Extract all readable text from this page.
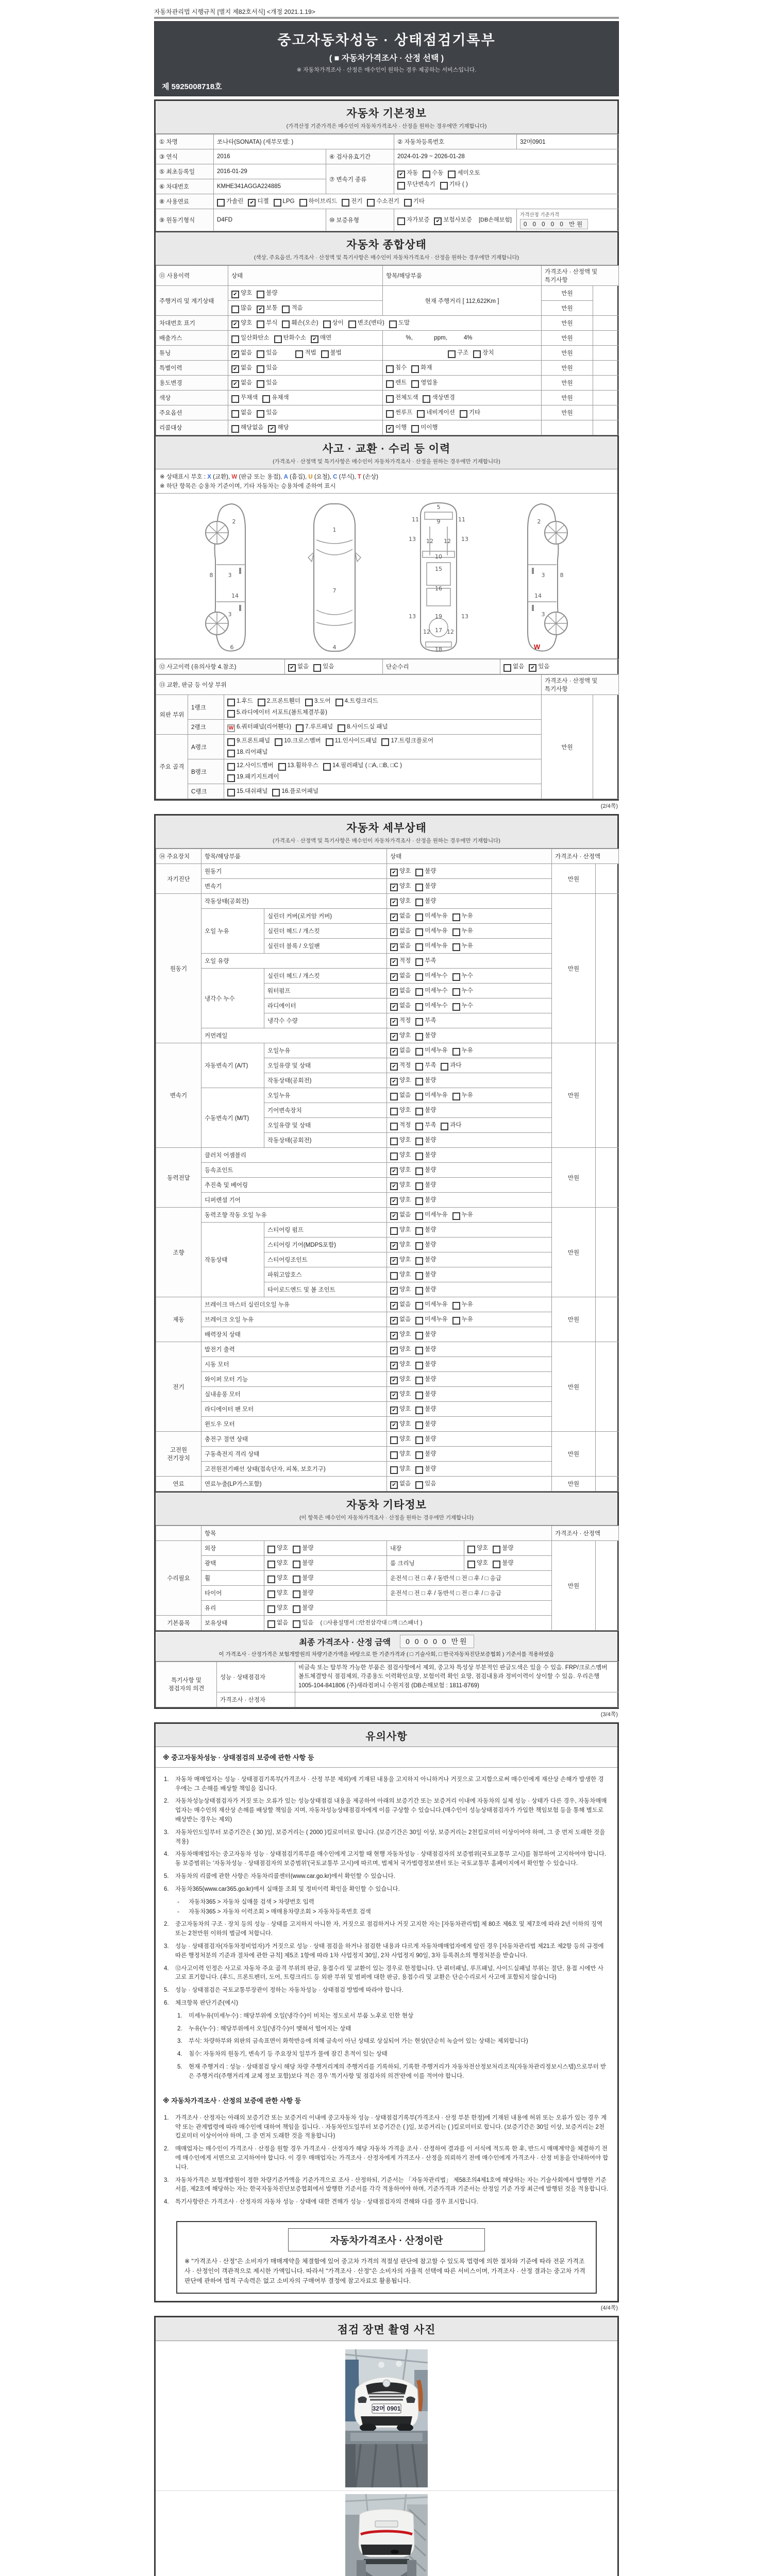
자동차관리법 시행규칙 [별지 제82호서식] <개정 2021.1.19>
중고자동차성능 · 상태점검기록부
( ■ 자동차가격조사 · 산정 선택 )
※ 자동차가격조사 · 산정은 매수인이 원하는 경우 제공하는 서비스입니다.
제 5925008718호
자동차 기본정보
(가격산정 기준가격은 매수인이 자동차가격조사 · 산정을 원하는 경우에만 기재합니다)
① 차명	쏘나타(SONATA) (세부모델: )		② 자동차등록번호	32머0901
③ 연식	2016	④ 검사유효기간	2024-01-29 ~ 2026-01-28	
⑤ 최초등록일	2016-01-29	⑦ 변속기 종류	✔ 자동 수동 세미오토
무단변속기 기타 ( )	
⑥ 차대번호	KMHE341AGGA224885			
⑧ 사용연료	가솔린 ✔ 디젤 LPG 하이브리드 전기 수소전기 기타			
⑨ 원동기형식	D4FD	⑩ 보증유형	자가보증 ✔ 보험사보증 [DB손해보험]	가격산정 기준가격
0 0 0 0 0 만원
자동차 종합상태
(색상, 주요옵션, 가격조사 · 산정액 및 특기사항은 매수인이 자동차가격조사 · 산정을 원하는 경우에만 기재합니다)
⑪ 사용이력	상태	항목/해당부품	가격조사 · 산정액 및 특기사항	
주행거리 및 계기상태	✔ 양호 불량	현재 주행거리 [ 112,622Km ]	만원	
	많음 ✔ 보통 적음		만원	
차대번호 표기	✔ 양호 부식 훼손(오손) 상이 변조(변타) 도말		만원	
배출가스	일산화탄소 탄화수소 ✔ 매연	%,             ppm,          4%	만원	
튜닝	✔ 없음 있음 적법 불법	구조 장치	만원	
특별이력	✔ 없음 있음	침수 화재	만원	
용도변경	✔ 없음 있음	렌트 영업용	만원	
색상	무채색 유채색	전체도색 색상변경	만원	
주요옵션	없음 있음	썬루프 네비게이션 기타	만원	
리콜대상	해당없음 ✔ 해당	✔ 이행 미이행		
사고 · 교환 · 수리 등 이력
(가격조사 · 산정액 및 특기사항은 매수인이 자동차가격조사 · 산정을 원하는 경우에만 기재합니다)
※ 상태표시 부호 : X (교환), W (판금 또는 용접), A (흠집), U (요철), C (부식), T (손상)
※ 하단 항목은 승용차 기준이며, 기타 자동차는 승용차에 준하여 표시
2
8	3
14
3
6
1
7
4
5
11	9	11
13 12 12 13
10
15
16
13	19	13
12 17 12
18
2
3	8
14
3
W
⑫ 사고이력 (유의사항 4.참조)	✔ 없음 있음	단순수리	없음 ✔ 있음
⑬ 교환, 판금 등 이상 부위			가격조사 · 산정액 및 특기사항	
외판 부위	1랭크	1.후드 2.프론트휀더 3.도어 4.트렁크리드
5.라디에이터 서포트(볼트체결부품)	만원	
	2랭크	W 6.쿼터패널(리어휀다) 7.루프패널 8.사이드실 패널		
주요 골격	A랭크	9.프론트패널 10.크로스멤버 11.인사이드패널 17.트렁크플로어
18.리어패널		
	B랭크	12.사이드멤버 13.휠하우스 14.필러패널 ( □A, □B, □C )
19.패키지트레이		
	C랭크	15.대쉬패널 16.플로어패널		
(2/4쪽)
자동차 세부상태
(가격조사 · 산정액 및 특기사항은 매수인이 자동차가격조사 · 산정을 원하는 경우에만 기재합니다)
⑭ 주요장치	항목/해당부품		상태	가격조사 · 산정액	
자기진단	원동기		✔ 양호 불량	만원	
	변속기		✔ 양호 불량		
원동기	작동상태(공회전)		✔ 양호 불량	만원	
	오일 누유	실린더 커버(로커암 커버)	✔ 없음 미세누유 누유		
		실린더 헤드 / 개스킷	✔ 없음 미세누유 누유		
		실린더 블록 / 오일팬	✔ 없음 미세누유 누유		
	오일 유량		✔ 적정 부족		
	냉각수 누수	실린더 헤드 / 개스킷	✔ 없음 미세누수 누수		
		워터펌프	✔ 없음 미세누수 누수		
		라디에이터	✔ 없음 미세누수 누수		
		냉각수 수량	✔ 적정 부족		
	커먼레일		✔ 양호 불량		
변속기	자동변속기 (A/T)	오일누유	✔ 없음 미세누유 누유	만원	
		오일유량 및 상태	✔ 적정 부족 과다		
		작동상태(공회전)	✔ 양호 불량		
	수동변속기 (M/T)	오일누유	없음 미세누유 누유		
		기어변속장치	양호 불량		
		오일유량 및 상태	적정 부족 과다		
		작동상태(공회전)	양호 불량		
동력전달	클러치 어셈블리		양호 불량	만원	
	등속죠인트		✔ 양호 불량		
	추진축 및 베어링		✔ 양호 불량		
	디퍼렌셜 기어		✔ 양호 불량		
조향	동력조향 작동 오일 누유		✔ 없음 미세누유 누유	만원	
	작동상태	스티어링 펌프	양호 불량		
		스티어링 기어(MDPS포함)	✔ 양호 불량		
		스티어링조인트	✔ 양호 불량		
		파워고압호스	양호 불량		
		타이로드엔드 및 볼 조인트	✔ 양호 불량		
제동	브레이크 마스터 실린더오일 누유		✔ 없음 미세누유 누유	만원	
	브레이크 오일 누유		✔ 없음 미세누유 누유		
	배력장치 상태		✔ 양호 불량		
전기	발전기 출력		✔ 양호 불량	만원	
	시동 모터		✔ 양호 불량		
	와이퍼 모터 기능		✔ 양호 불량		
	실내송풍 모터		✔ 양호 불량		
	라디에이터 팬 모터		✔ 양호 불량		
	윈도우 모터		✔ 양호 불량		
고전원 전기장치	충전구 절연 상태		양호 불량	만원	
	구동축전지 격리 상태		양호 불량		
	고전원전기배선 상태(접속단자, 피복, 보호기구)		양호 불량		
연료	연료누출(LP가스포함)		✔ 없음 있음	만원	
자동차 기타정보
(이 항목은 매수인이 자동차가격조사 · 산정을 원하는 경우에만 기재합니다)
	항목				가격조사 · 산정액	
수리필요	외장	양호 불량	내장	양호 불량	만원	
	광택	양호 불량	룸 크리닝	양호 불량		
	휠	양호 불량	운전석 □ 전 □ 후 / 동반석 □ 전 □ 후 / □ 응급			
	타이어	양호 불량	운전석 □ 전 □ 후 / 동반석 □ 전 □ 후 / □ 응급			
	유리	양호 불량				
기본품목	보유상태	없음 있음 ( □사용설명서 □안전삼각대 □잭 □스패너 )				
최종 가격조사 · 산정 금액	0 0 0 0 0 만원
이 가격조사 · 산정가격은 보험개발원의 차량기준가액을 바탕으로 한 기준가격과 ( □ 기술사회, □ 한국자동차진단보증협회 ) 기준서를 적용하였음
특기사항 및 점검자의 의견	성능 · 상태점검자	비금속 또는 탈부착 가능한 부품은 점검사항에서 제외, 중고차 특성상 부분적인 판금도색은 있을 수 있음. FRP/크로스멤버 볼트체결방식 점검제외, 각종용도 이력확인요망, 보험이력 확인 요망, 점검내용과 정비이력이 상이할 수 있음. 우리은행 1005-104-841806 (주)새라컴퍼니 수원지점 (DB손해보험 : 1811-8769)
	가격조사 · 산정자	
(3/4쪽)
유의사항
※ 중고자동차성능 · 상태점검의 보증에 관한 사항 등
1.	자동차 매매업자는 성능 · 상태점검기록부(가격조사 · 산정 부분 제외)에 기재된 내용을 고지하지 아니하거나 거짓으로 고지함으로써 매수인에게 재산상 손해가 발생한 경우에는 그 손해를 배상할 책임을 집니다.
2.	자동차성능상태점검자가 거짓 또는 오류가 있는 성능상태점검 내용을 제공하여 아래의 보증기간 또는 보증거리 이내에 자동차의 실제 성능 · 상태가 다른 경우, 자동차매매업자는 매수인의 재산상 손해를 배상할 책임을 지며, 자동차성능상태점검자에게 이를 구상할 수 있습니다.(매수인이 성능상태점검자가 가입한 책임보험 등을 통해 별도로 배상받는 경우는 제외)
3.	자동차인도일부터 보증기간은 ( 30 )일, 보증거리는 ( 2000 )킬로미터로 합니다. (보증기간은 30일 이상, 보증거리는 2천킬로미터 이상이어야 하며, 그 중 먼저 도래한 것을 적용)
4.	자동차매매업자는 중고자동차 성능 · 상태점검기록부를 매수인에게 고지할 때 현행 자동차성능 · 상태점검자의 보증범위(국토교통부 고시)를 첨부하여 고지하여야 합니다. 동 보증범위는 '자동차성능 · 상태점검자의 보증범위'(국토교통부 고시)에 따르며, 법제처 국가법령정보센터 또는 국토교통부 홈페이지에서 확인할 수 있습니다.
5.	자동차의 리콜에 관한 사항은 자동차리콜센터(www.car.go.kr)에서 확인할 수 있습니다.
6.	자동차365(www.car365.go.kr)에서 실매물 조회 및 정비이력 확인을 확인할 수 있습니다.
-	자동차365 > 자동차 실매물 검색 > 차량번호 입력
-	자동차365 > 자동차 이력조회 > 매매용차량조회 > 자동차등록번호 검색
2.	중고자동차의 구조 · 장치 등의 성능 · 상태를 고지하지 아니한 자, 거짓으로 점검하거나 거짓 고지한 자는 [자동차관리법] 제 80조 제6호 및 제7호에 따라 2년 이하의 징역 또는 2천만원 이하의 벌금에 처합니다.
3.	성능 · 상태점검자(자동차정비업자)가 거짓으로 성능 · 상태 점검을 하거나 점검한 내용과 다르게 자동차매매업자에게 알린 경우 [자동차관리법 제21조 제2항 등의 규정에 따른 행정처분의 기준과 절차에 관한 규칙] 제5조 1항에 따라 1차 사업정지 30일, 2차 사업정지 90일, 3차 등록취소의 행정처분을 받습니다.
4.	⑫사고이력 인정은 사고로 자동차 주요 골격 부위의 판금, 용접수리 및 교환이 있는 경우로 한정합니다. 단 쿼터패널, 루프패널, 사이드실패널 부위는 절단, 용접 시에만 사고로 표기합니다. (후드, 프론트펜더, 도어, 트렁크리드 등 외판 부위 및 범퍼에 대한 판금, 용접수리 및 교환은 단순수리로서 사고에 포함되지 않습니다)
5.	성능 · 상태점검은 국토교통부장관이 정하는 자동차성능 · 상태점검 방법에 따라야 합니다.
6.	체크항목 판단기준(예시)
1.	미세누유(미세누수) : 해당부위에 오일(냉각수)이 비치는 정도로서 부품 노후로 인한 현상
2.	누유(누수) : 해당부위에서 오일(냉각수)이 맺혀서 떨어지는 상태
3.	부식: 차량하부와 외판의 금속표면이 화학반응에 의해 금속이 아닌 상태로 상실되어 가는 현상(단순히 녹슬어 있는 상태는 제외합니다)
4.	침수: 자동차의 원동기, 변속기 등 주요장치 일부가 물에 잠긴 흔적이 있는 상태
5.	현재 주행거리 : 성능 · 상태점검 당시 해당 차량 주행거리계의 주행거리를 기록하되, 기록한 주행거리가 자동차전산정보처리조직(자동차관리정보시스템)으로부터 받은 주행거리(주행거리계 교체 정보 포함)보다 적은 경우 '특기사항 및 점검자의 의견'란에 이를 적어야 합니다.
※ 자동차가격조사 · 산정의 보증에 관한 사항 등
1.	가격조사 · 산정자는 아래의 보증기간 또는 보증거리 이내에 중고자동차 성능 · 상태점검기록부(가격조사 · 산정 부분 한정)에 기재된 내용에 허위 또는 오류가 있는 경우 계약 또는 관계법령에 따라 매수인에 대하여 책임을 집니다. · 자동차인도일부터 보증기간은 ( )일, 보증거리는 ( )킬로미터로 합니다. (보증기간은 30일 이상, 보증거리는 2천킬로미터 이상이어야 하며, 그 중 먼저 도래한 것을 적용합니다)
2.	매매업자는 매수인이 가격조사 · 산정을 원할 경우 가격조사 · 산정자가 해당 자동차 가격을 조사 · 산정하여 결과를 이 서식에 적도록 한 후, 반드시 매매계약을 체결하기 전에 매수인에게 서면으로 고지하여야 합니다. 이 경우 매매업자는 가격조사 · 산정자에게 가격조사 · 산정을 의뢰하기 전에 매수인에게 가격조사 · 산정 비용을 안내하여야 합니다.
3.	자동차가격은 보험개발원이 정한 차량기준가액을 기준가격으로 조사 · 산정하되, 기준서는 「자동차관리법」 제58조의4제1호에 해당하는 자는 기술사회에서 발행한 기준서를, 제2호에 해당하는 자는 한국자동차진단보증협회에서 발행한 기준서를 각각 적용하여야 하며, 기준가격과 기준서는 산정일 기준 가장 최근에 발행된 것을 적용합니다.
4.	특기사항란은 가격조사 · 산정자의 자동차 성능 · 상태에 대한 견해가 성능 · 상태점검자의 견해와 다를 경우 표시합니다.
자동차가격조사 · 산정이란
※ "가격조사 · 산정"은 소비자가 매매계약을 체결함에 있어 중고차 가격의 적절성 판단에 참고할 수 있도록 법령에 의한 절차와 기준에 따라 전문 가격조사 · 산정인이 객관적으로 제시한 가액입니다. 따라서 "가격조사 · 산정"은 소비자의 자율적 선택에 따른 서비스이며, 가격조사 · 산정 결과는 중고차 가격판단에 관하여 법적 구속력은 없고 소비자의 구매여부 결정에 참고자료로 활용됩니다.
(4/4쪽)
점검 장면 촬영 사진
32머 0901
